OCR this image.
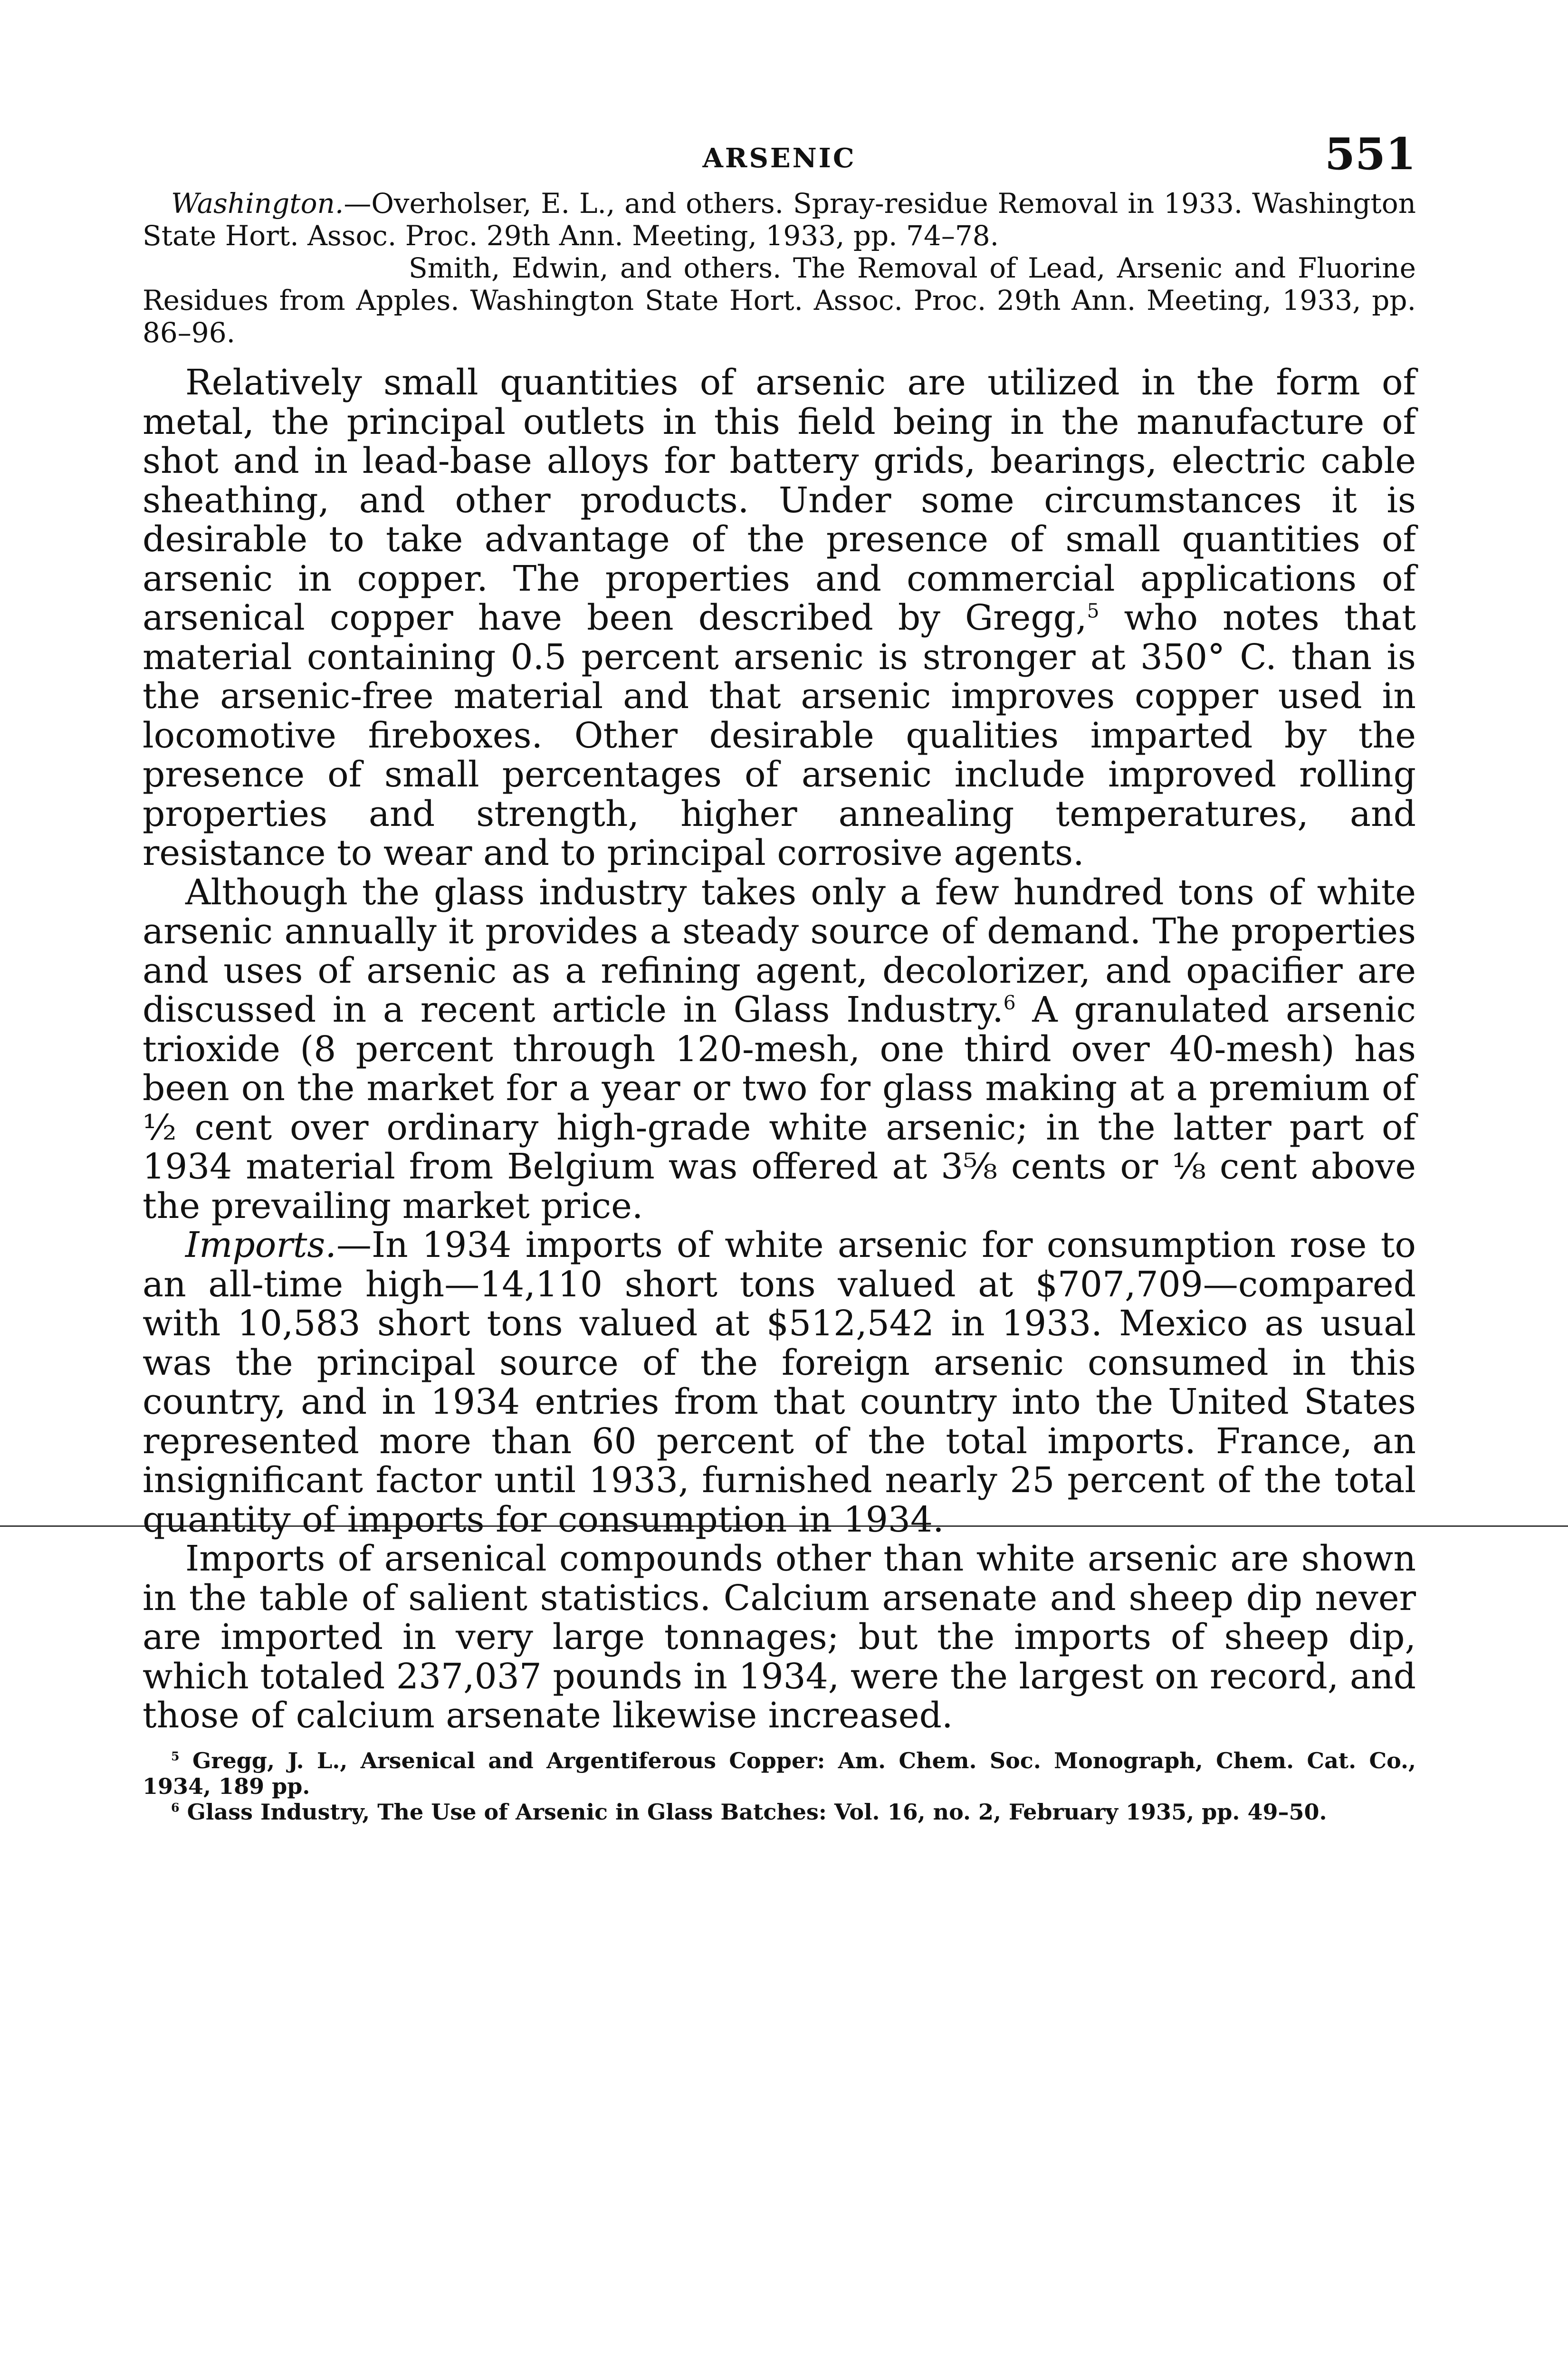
ARSENIC	551

Washington.—Overholser, E. L., and others. Spray-residue Removal in 1933. Washington State Hort. Assoc. Proc. 29th Ann. Meeting, 1933, pp. 74–78.

Smith, Edwin, and others. The Removal of Lead, Arsenic and Fluorine Residues from Apples. Washington State Hort. Assoc. Proc. 29th Ann. Meeting, 1933, pp. 86–96.

Relatively small quantities of arsenic are utilized in the form of metal, the principal outlets in this field being in the manufacture of shot and in lead-base alloys for battery grids, bearings, electric cable sheathing, and other products. Under some circumstances it is desirable to take advantage of the presence of small quantities of arsenic in copper. The properties and commercial applications of arsenical copper have been described by Gregg,$^5$ who notes that material containing 0.5 percent arsenic is stronger at 350° C. than is the arsenic-free material and that arsenic improves copper used in locomotive fireboxes. Other desirable qualities imparted by the presence of small percentages of arsenic include improved rolling properties and strength, higher annealing temperatures, and resistance to wear and to principal corrosive agents.

Although the glass industry takes only a few hundred tons of white arsenic annually it provides a steady source of demand. The properties and uses of arsenic as a refining agent, decolorizer, and opacifier are discussed in a recent article in Glass Industry.$^6$ A granulated arsenic trioxide (8 percent through 120-mesh, one third over 40-mesh) has been on the market for a year or two for glass making at a premium of ½ cent over ordinary high-grade white arsenic; in the latter part of 1934 material from Belgium was offered at 3⅝ cents or ⅛ cent above the prevailing market price.

Imports.—In 1934 imports of white arsenic for consumption rose to an all-time high—14,110 short tons valued at $707,709—compared with 10,583 short tons valued at $512,542 in 1933. Mexico as usual was the principal source of the foreign arsenic consumed in this country, and in 1934 entries from that country into the United States represented more than 60 percent of the total imports. France, an insignificant factor until 1933, furnished nearly 25 percent of the total quantity of imports for consumption in 1934.

Imports of arsenical compounds other than white arsenic are shown in the table of salient statistics. Calcium arsenate and sheep dip never are imported in very large tonnages; but the imports of sheep dip, which totaled 237,037 pounds in 1934, were the largest on record, and those of calcium arsenate likewise increased.

$^5$ Gregg, J. L., Arsenical and Argentiferous Copper: Am. Chem. Soc. Monograph, Chem. Cat. Co., 1934, 189 pp.

$^6$ Glass Industry, The Use of Arsenic in Glass Batches: Vol. 16, no. 2, February 1935, pp. 49–50.
